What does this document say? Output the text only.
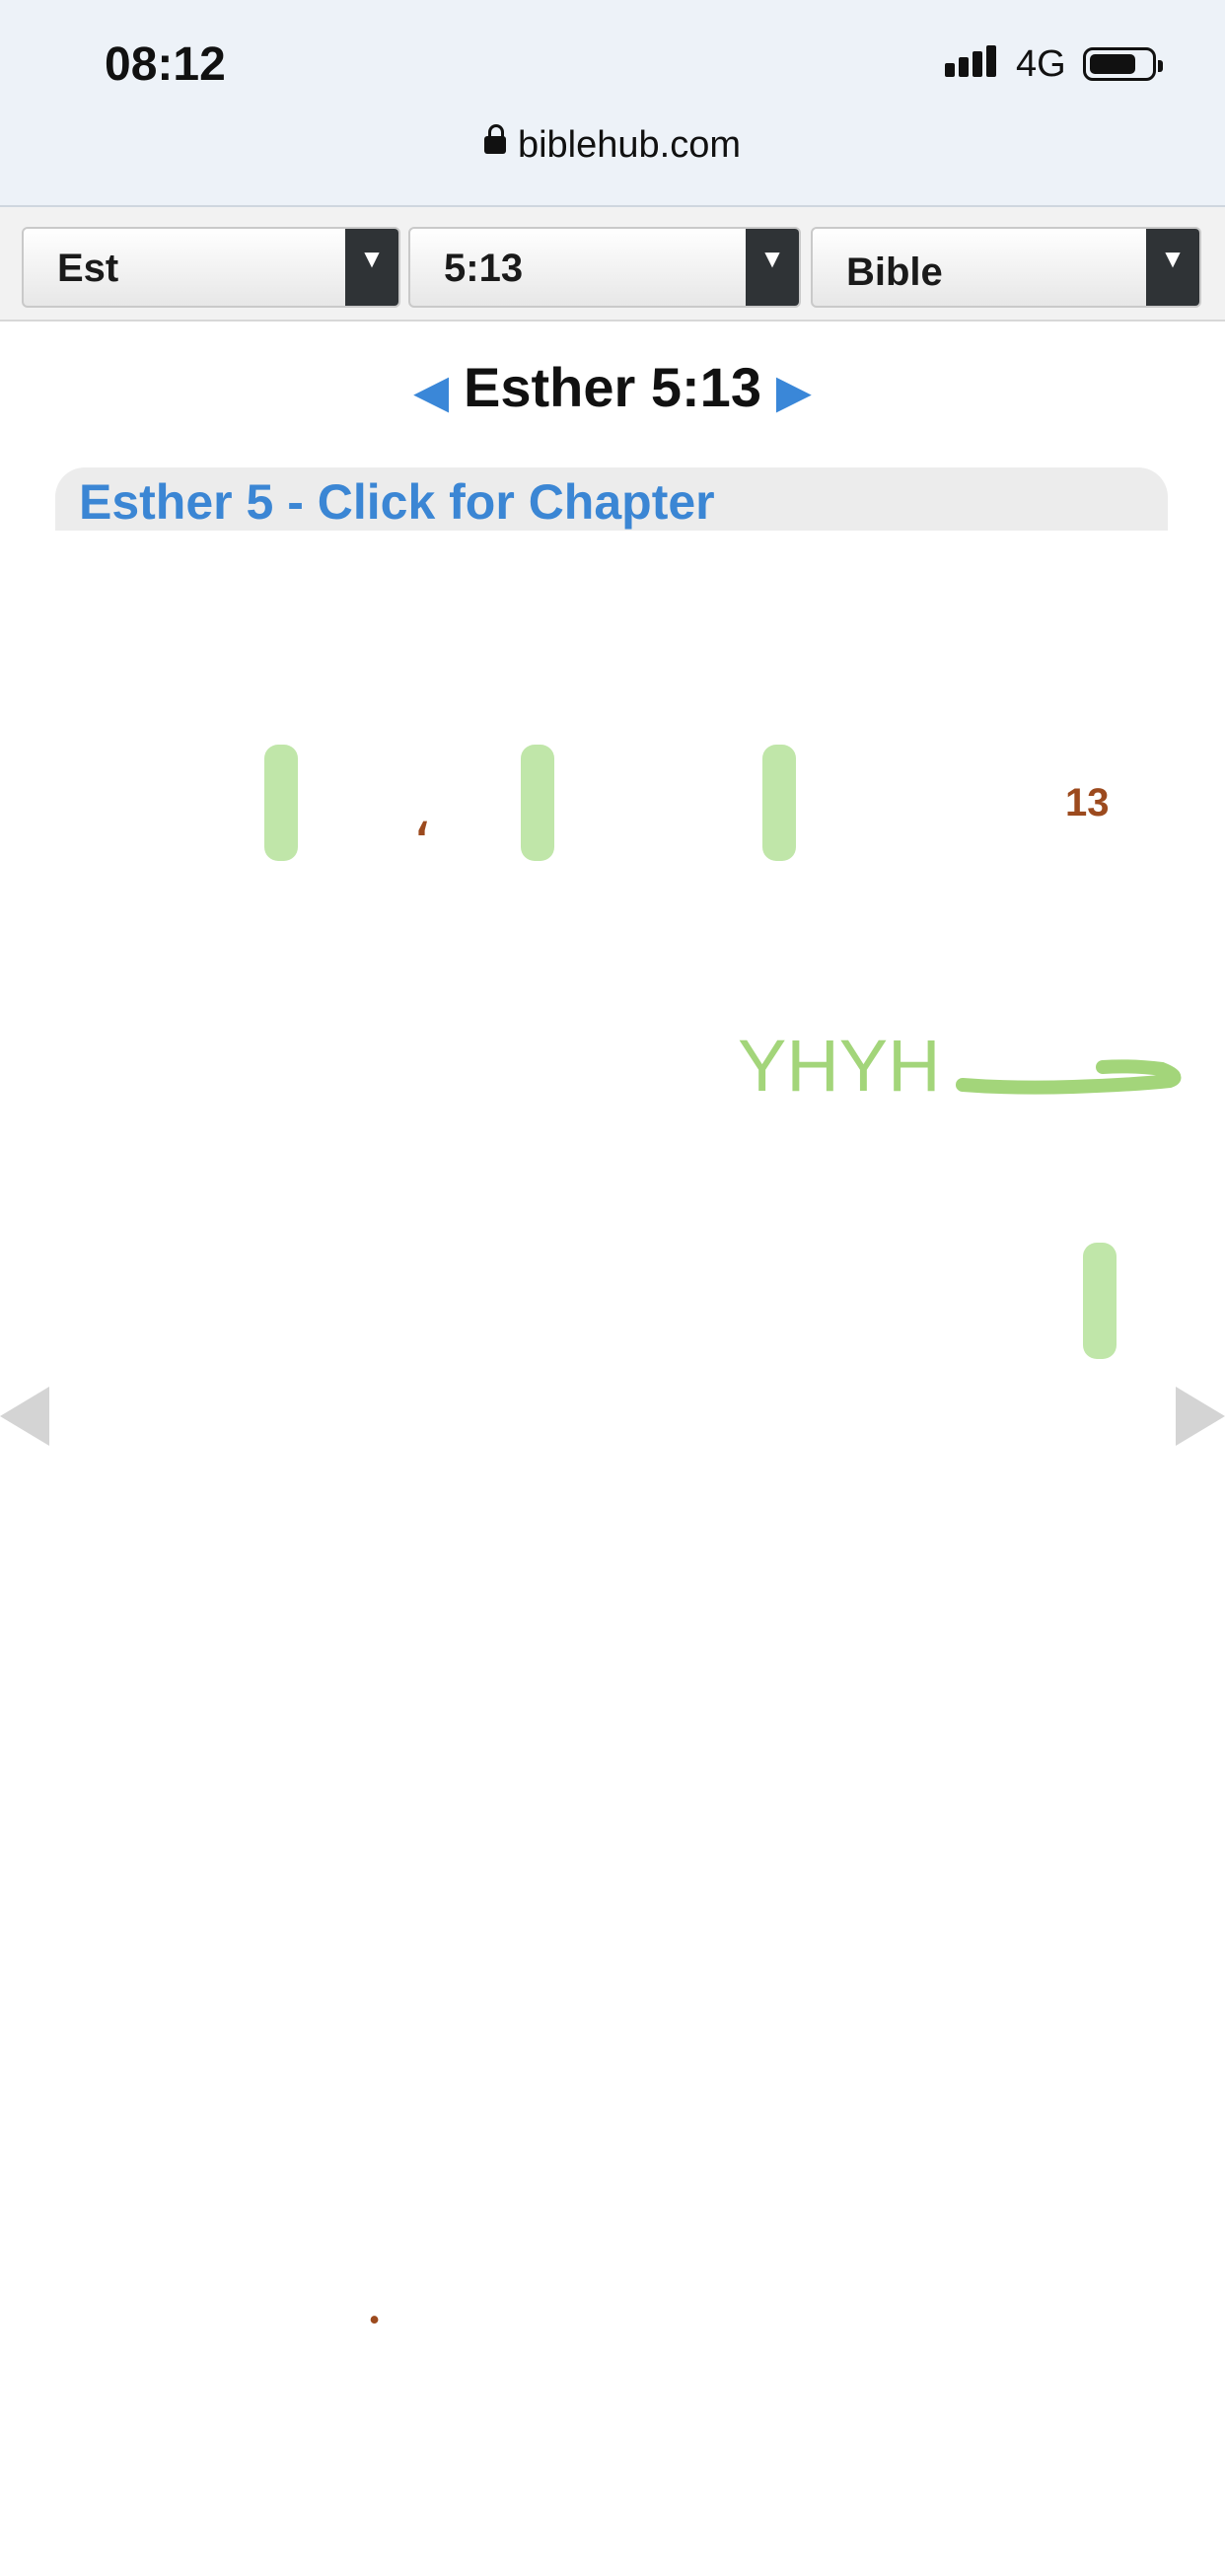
08:12	4G
biblehub.com
Est	▼	5:13	▼	Bible	▼
◀ Esther 5:13 ▶
Esther 5 - Click for Chapter
13
،
.
YHYH
